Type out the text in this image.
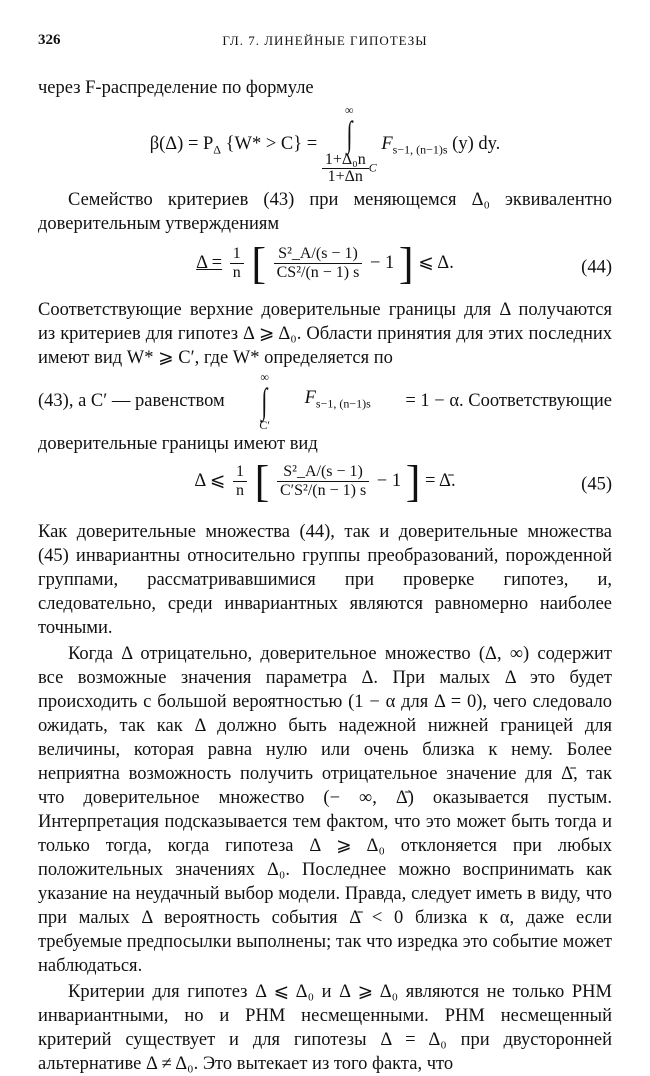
326	ГЛ. 7. ЛИНЕЙНЫЕ ГИПОТЕЗЫ

через F-распределение по формуле

$\beta(\Delta) = P_\Delta$ {W* > C} =
∞
∫
$\frac{\text{1+Δ₀n}}{1+\Delta n}$ C
$F_{s-1, (n-1)s}$ (y) dy.

Семейство критериев (43) при меняющемся Δ₀ эквивалентно доверительным утверждениям

$\Delta = \frac{1}{n}$ [ $\frac{\text{S²\_A/(s − 1)}}{\text{CS²/(n − 1) s}} - 1$ ] ⩽ Δ.	(44)

Соответствующие верхние доверительные границы для Δ получаются из критериев для гипотез Δ ⩾ Δ₀. Области принятия для этих последних имеют вид W* ⩾ C′, где W* определяется по

(43), а C′ — равенством
∞
∫
C′
$F_{s-1, (n-1)s} = 1 - \alpha$. Соответствующие

доверительные границы имеют вид

Δ ⩽ $\frac{1}{n}$ [ $\frac{\text{S²\_A/(s − 1)}}{\text{C′S²/(n − 1) s}} - 1$ ] = Δ̄.	(45)

Как доверительные множества (44), так и доверительные множества (45) инвариантны относительно группы преобразований, порожденной группами, рассматривавшимися при проверке гипотез, и, следовательно, среди инвариантных являются равномерно наиболее точными.

Когда Δ отрицательно, доверительное множество (Δ, ∞) содержит все возможные значения параметра Δ. При малых Δ это будет происходить с большой вероятностью (1 − α для Δ = 0), чего следовало ожидать, так как Δ должно быть надежной нижней границей для величины, которая равна нулю или очень близка к нему. Более неприятна возможность получить отрицательное значение для Δ̄, так что доверительное множество (− ∞, Δ̄) оказывается пустым. Интерпретация подсказывается тем фактом, что это может быть тогда и только тогда, когда гипотеза Δ ⩾ Δ₀ отклоняется при любых положительных значениях Δ₀. Последнее можно воспринимать как указание на неудачный выбор модели. Правда, следует иметь в виду, что при малых Δ вероятность события Δ̄ < 0 близка к α, даже если требуемые предпосылки выполнены; так что изредка это событие может наблюдаться.

Критерии для гипотез Δ ⩽ Δ₀ и Δ ⩾ Δ₀ являются не только РНМ инвариантными, но и РНМ несмещенными. РНМ несмещенный критерий существует и для гипотезы Δ = Δ₀ при двусторонней альтернативе Δ ≠ Δ₀. Это вытекает из того факта, что
